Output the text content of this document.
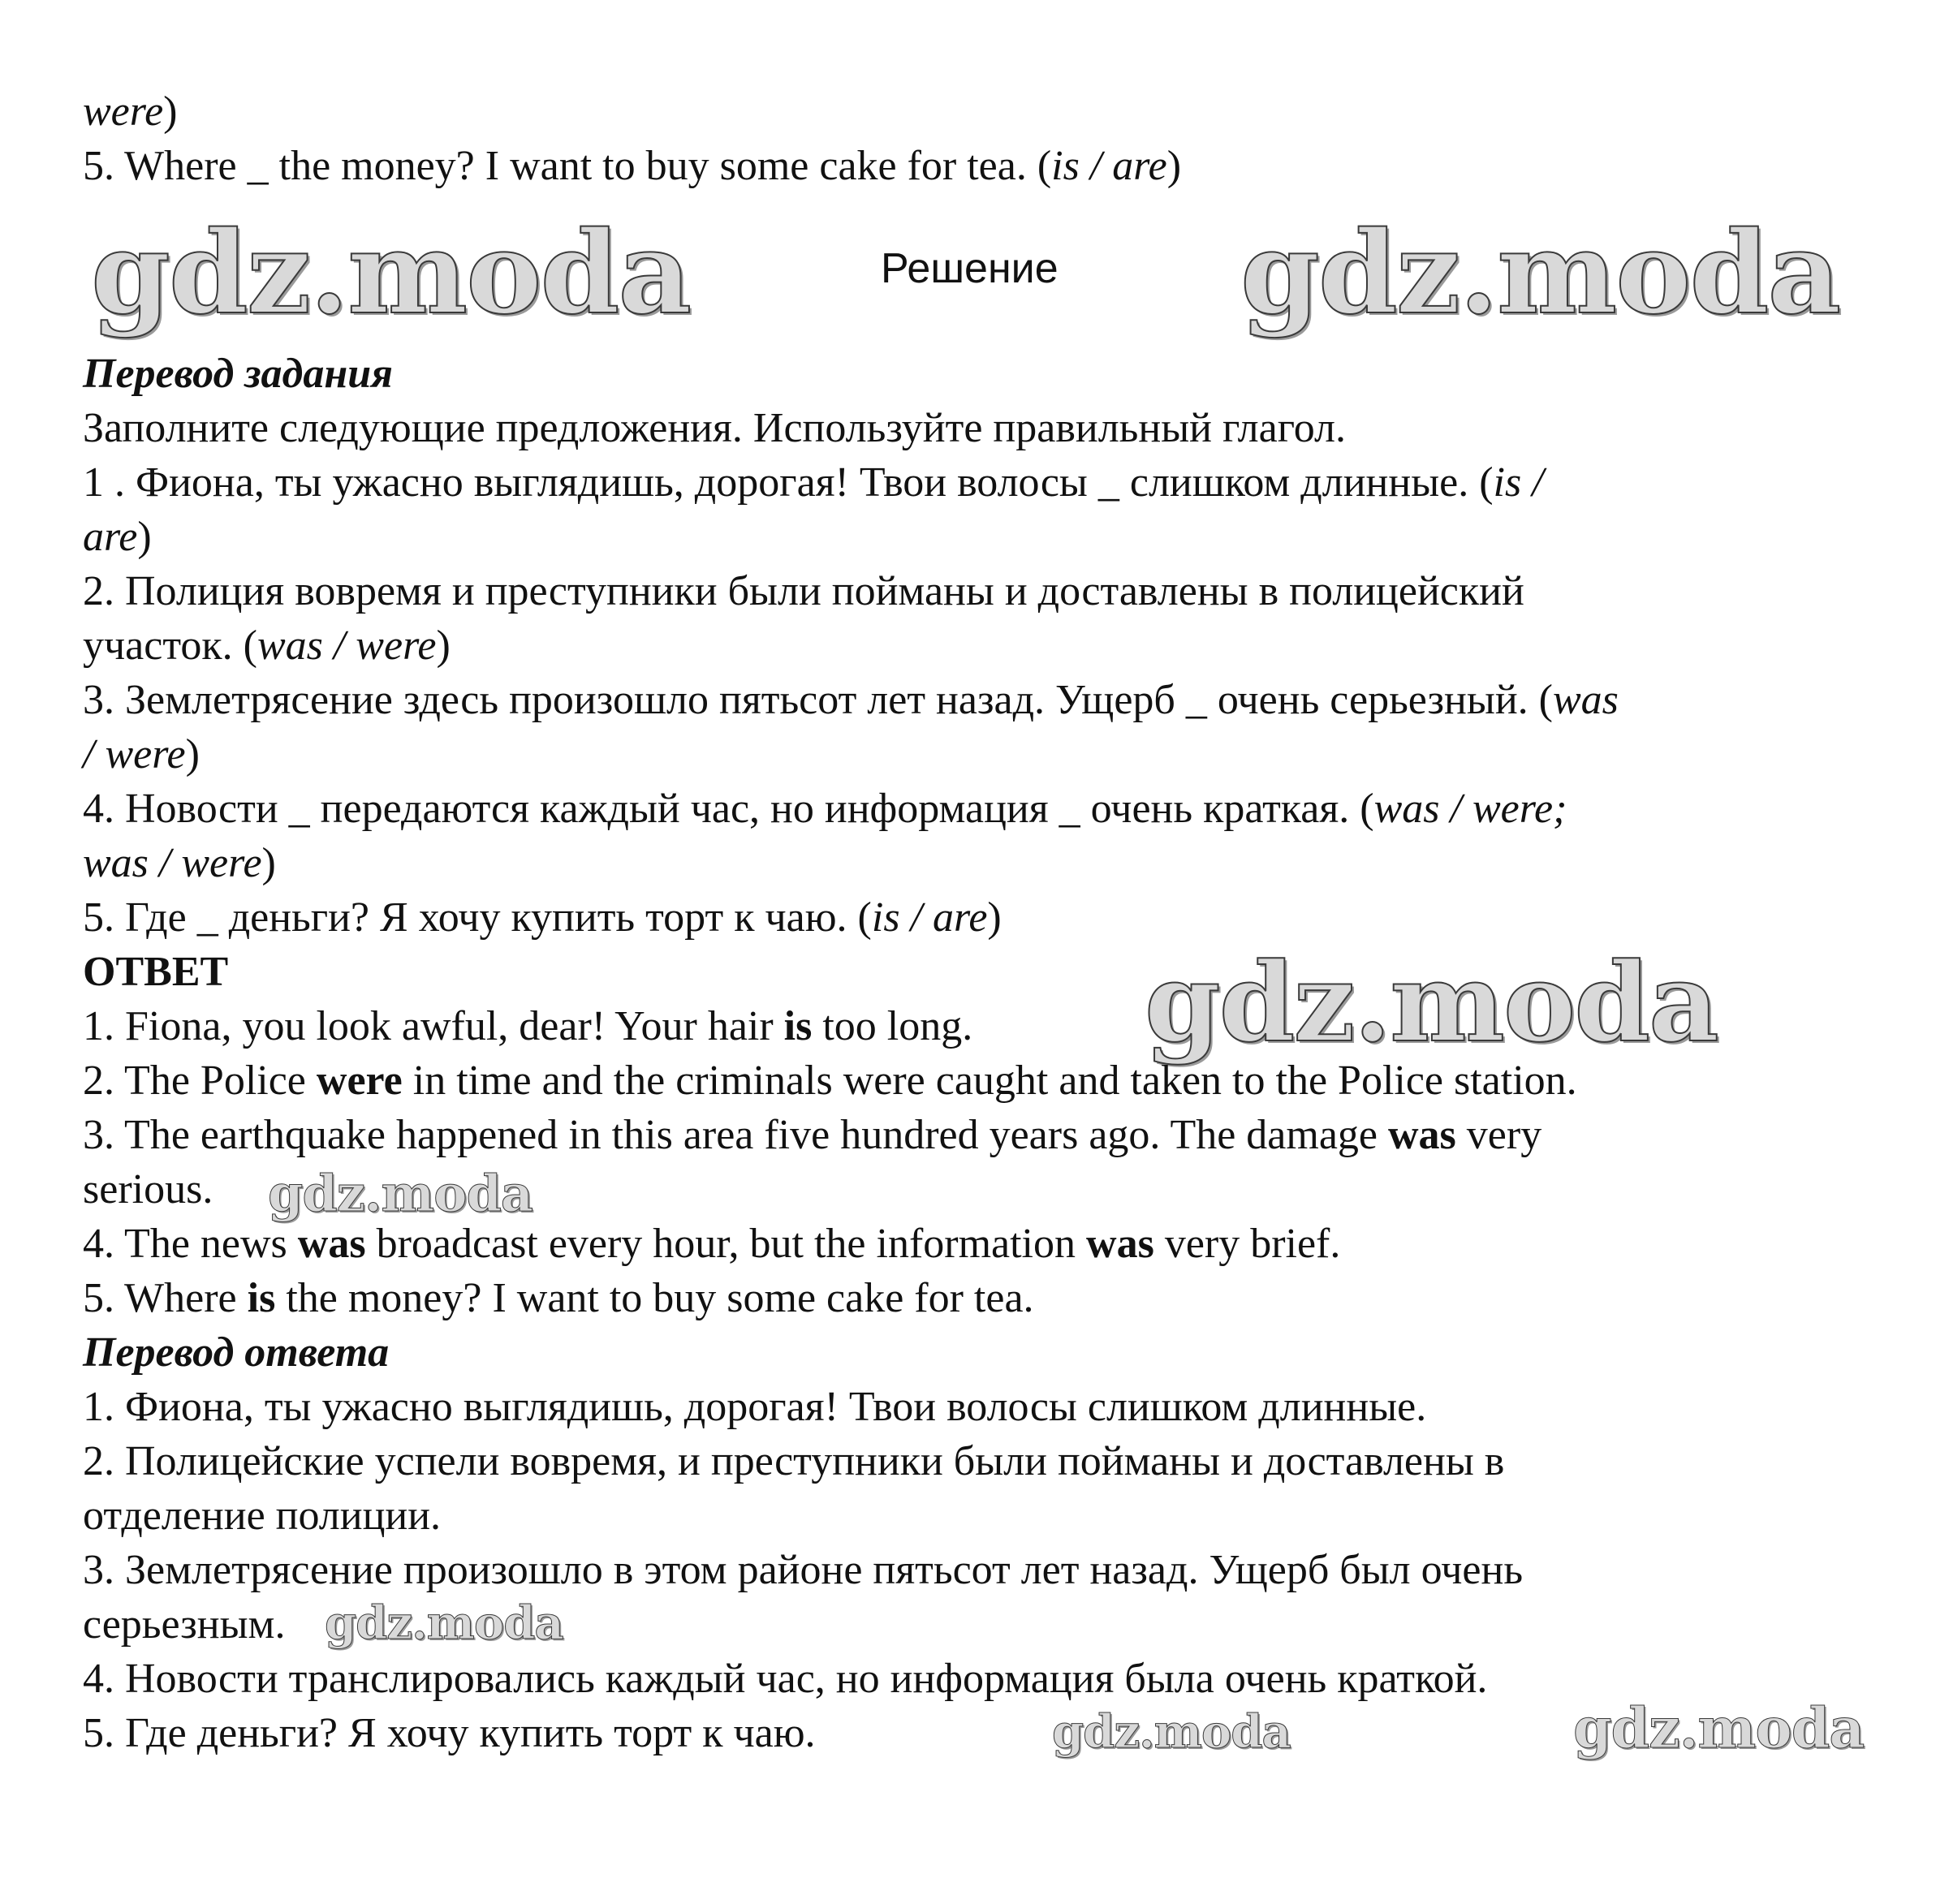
were)
5. Where _ the money? I want to buy some cake for tea. (is / are)
gdz.moda	Решение gdz.moda
Перевод задания
Заполните следующие предложения. Используйте правильный глагол.
1 . Фиона, ты ужасно выглядишь, дорогая! Твои волосы _ слишком длинные. (is /
are)
2. Полиция вовремя и преступники были пойманы и доставлены в полицейский
участок. (was / were)
3. Землетрясение здесь произошло пятьсот лет назад. Ущерб _ очень серьезный. (was
/ were)
4. Новости _ передаются каждый час, но информация _ очень краткая. (was / were;
was / were)
5. Где _ деньги? Я хочу купить торт к чаю. (is / are)
ОТВЕТ
1. Fiona, you look awful, dear! Your hair is too long. gdz.moda
2. The Police were in time and the criminals were caught and taken to the Police station.
3. The earthquake happened in this area five hundred years ago. The damage was very
serious. gdz.moda
4. The news was broadcast every hour, but the information was very brief.
5. Where is the money? I want to buy some cake for tea.
Перевод ответа
1. Фиона, ты ужасно выглядишь, дорогая! Твои волосы слишком длинные.
2. Полицейские успели вовремя, и преступники были пойманы и доставлены в
отделение полиции.
3. Землетрясение произошло в этом районе пятьсот лет назад. Ущерб был очень
серьезным. gdz.moda
4. Новости транслировались каждый час, но информация была очень краткой.
5. Где деньги? Я хочу купить торт к чаю.	gdz.moda	gdz.moda
